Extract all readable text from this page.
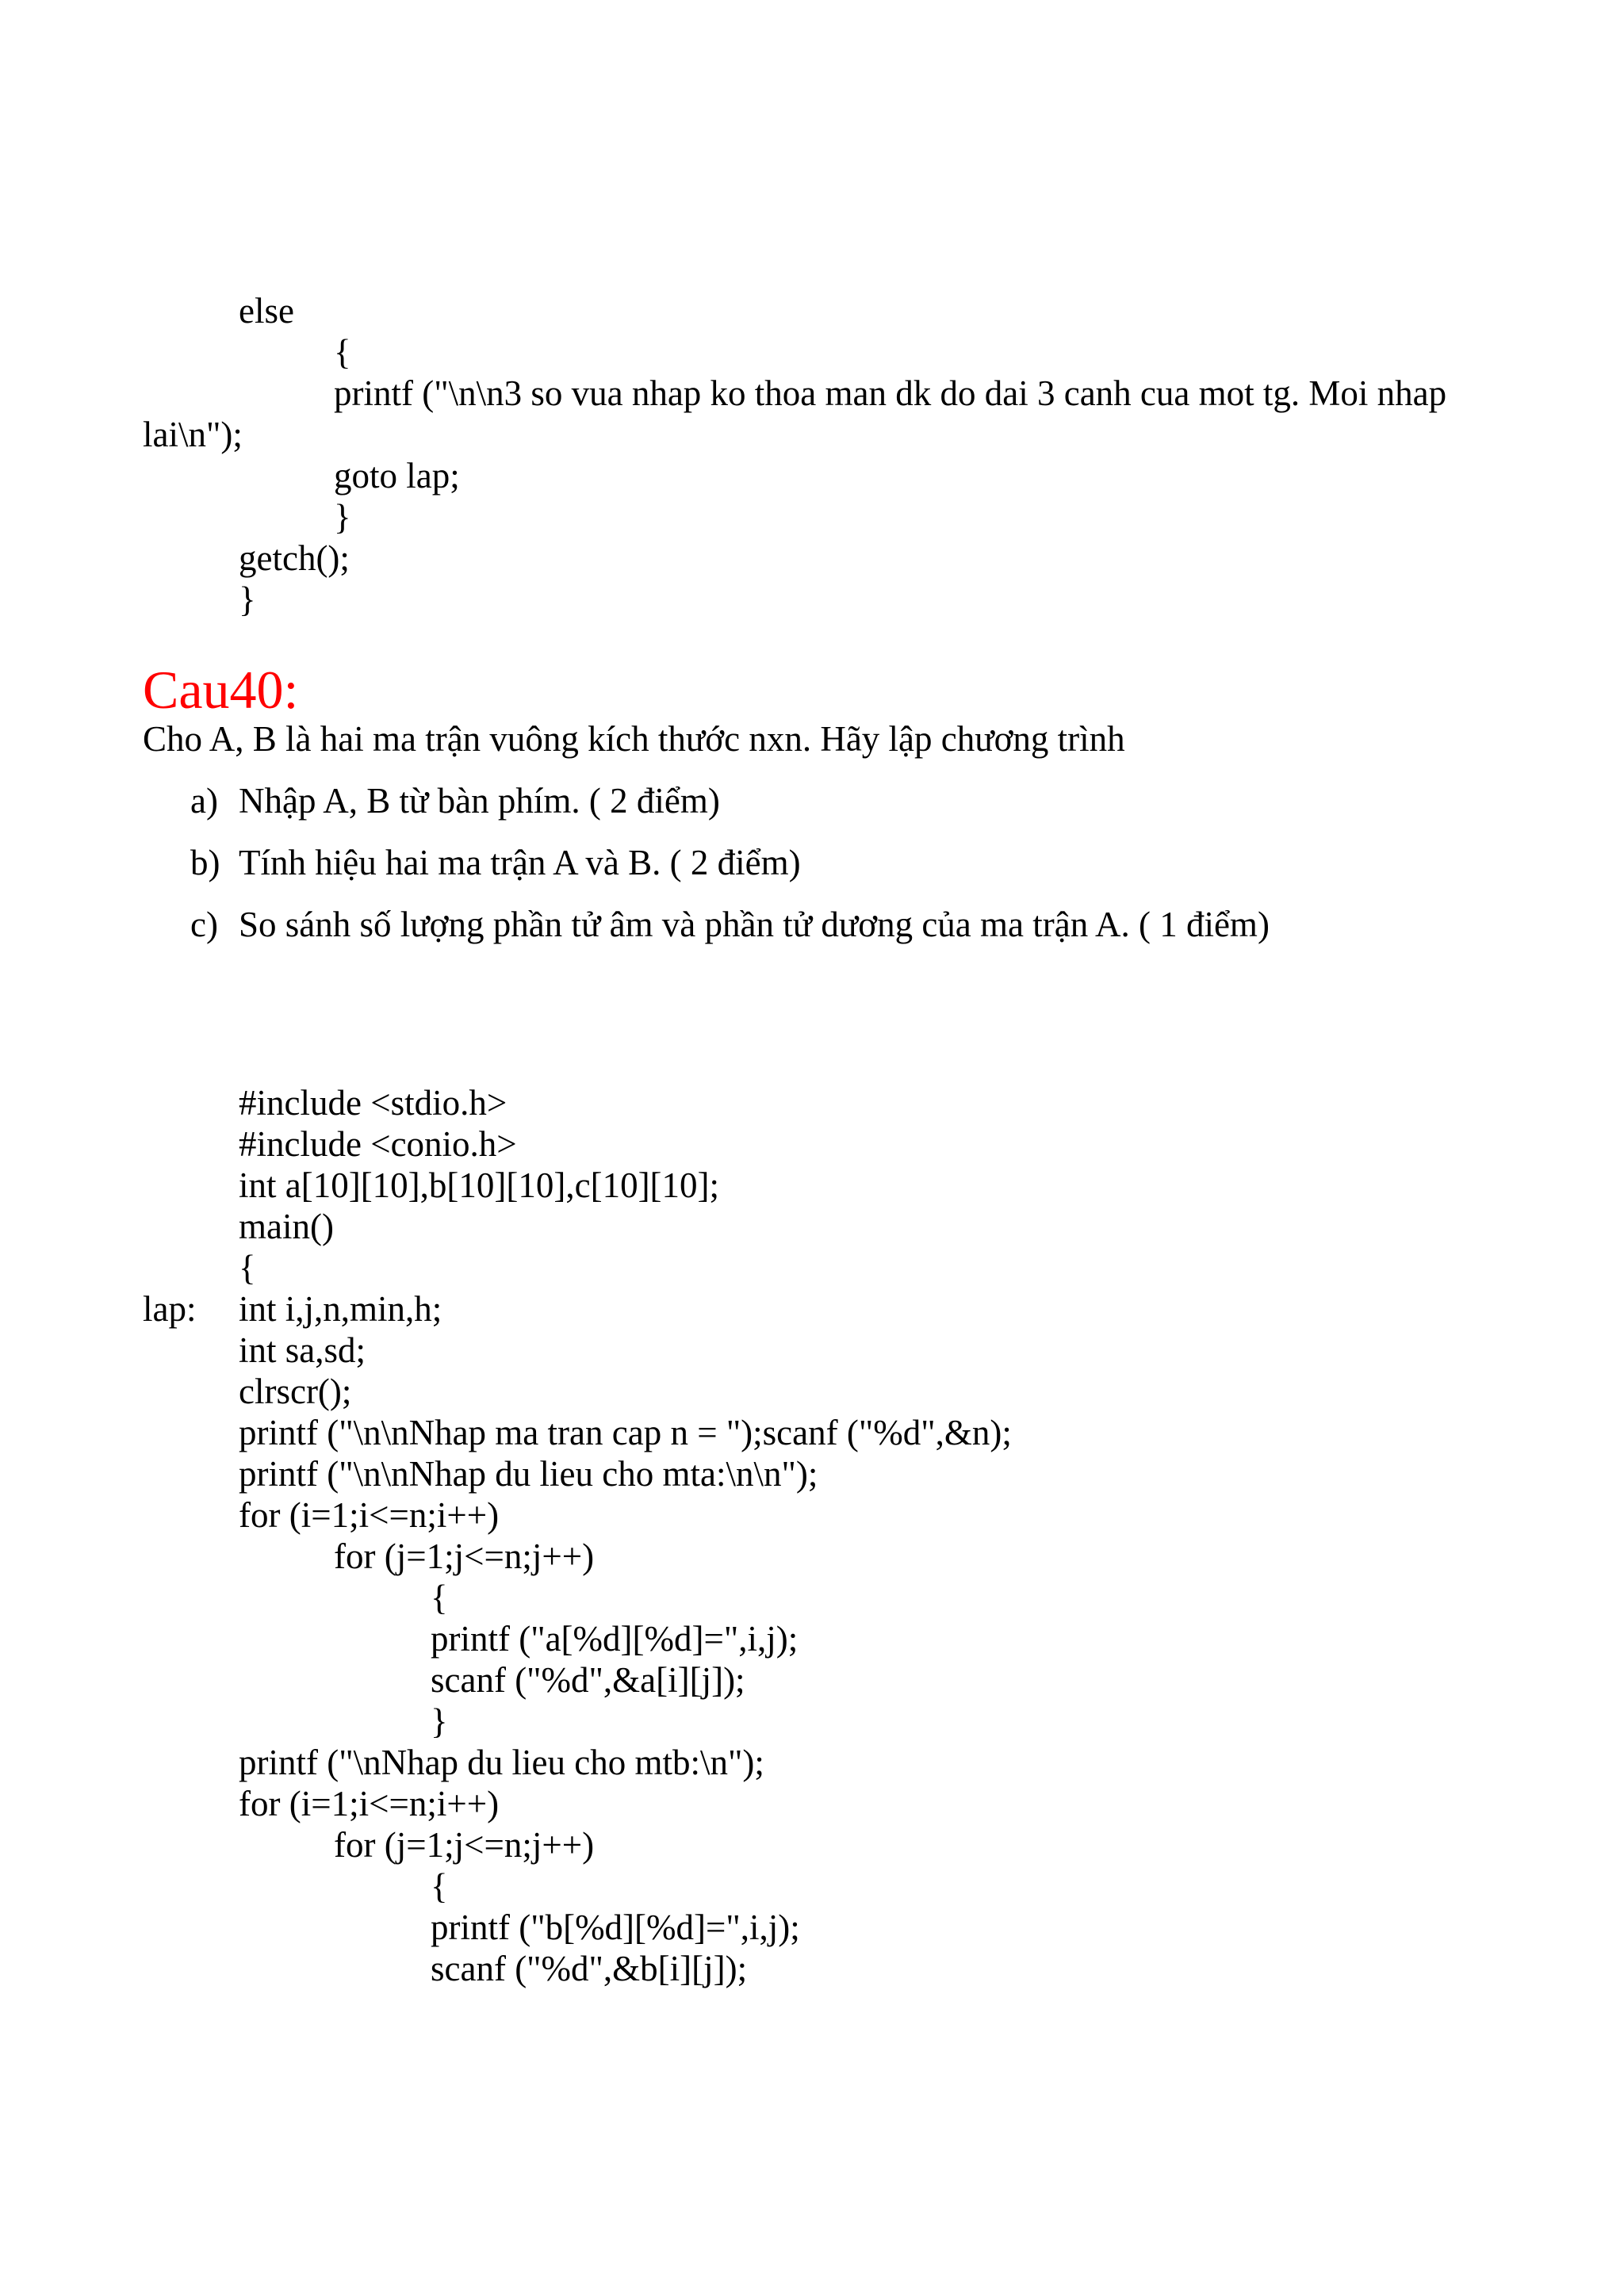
else
{
printf ("\n\n3 so vua nhap ko thoa man dk do dai 3 canh cua mot tg. Moi nhap
lai\n");
goto lap;
}
getch();
}
Cau40:
Cho A, B là hai ma trận vuông kích thước nxn. Hãy lập chương trình
a) Nhập A, B từ bàn phím. ( 2 điểm)
b) Tính hiệu hai ma trận A và B. ( 2 điểm)
c) So sánh số lượng phần tử âm và phần tử dương của ma trận A. ( 1 điểm)
#include <stdio.h>
#include <conio.h>
int a[10][10],b[10][10],c[10][10];
main()
{
lap: int i,j,n,min,h;
int sa,sd;
clrscr();
printf ("\n\nNhap ma tran cap n = ");scanf ("%d",&n);
printf ("\n\nNhap du lieu cho mta:\n\n");
for (i=1;i<=n;i++)
for (j=1;j<=n;j++)
{
printf ("a[%d][%d]=",i,j);
scanf ("%d",&a[i][j]);
}
printf ("\nNhap du lieu cho mtb:\n");
for (i=1;i<=n;i++)
for (j=1;j<=n;j++)
{
printf ("b[%d][%d]=",i,j);
scanf ("%d",&b[i][j]);
